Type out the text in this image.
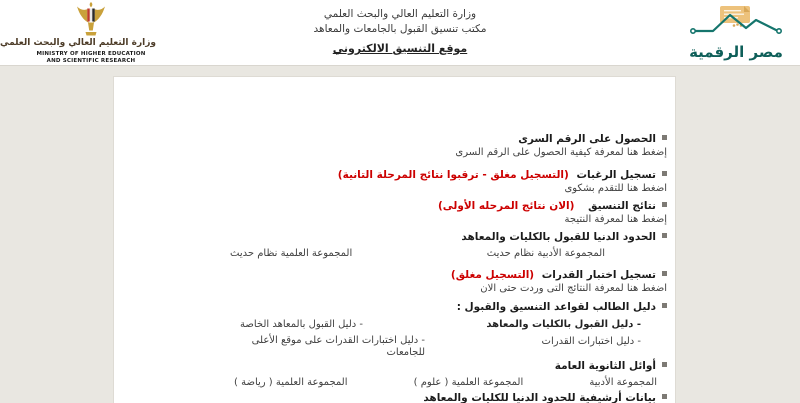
وزارة التعليم العالي والبحث العلمي
MINISTRY OF HIGHER EDUCATION
AND SCIENTIFIC RESEARCH
وزارة التعليم العالي والبحث العلمي
مكتب تنسيق القبول بالجامعات والمعاهد
موقع التنسيق الالكتروني	مصر الرقمية
الحصول على الرقم السرى
إضغط هنا لمعرفة كيفية الحصول على الرقم السرى
تسجيل الرغبات (التسجيل مغلق - ترقبوا نتائج المرحلة التانية)
اضغط هنا للتقدم بشكوى
نتائج التنسيق (الان نتائج المرحله الأولى)
إضغط هنا لمعرفة النتيجة
الحدود الدنيا للقبول بالكليات والمعاهد
المجموعة الأدبية نظام حديث
المجموعة العلمية نظام حديث
تسجيل اختبار القدرات (التسجيل مغلق)
اضغط هنا لمعرفة النتائج التى وردت حتى الان
دليل الطالب لقواعد التنسيق والقبول :
- دليل القبول بالكليات والمعاهد
- دليل القبول بالمعاهد الخاصة
- دليل اختبارات القدرات
- دليل اختبارات القدرات على موقع الأعلى للجامعات
أوائل الثانوية العامة
المجموعة الأدبية
المجموعة العلمية ( علوم )
المجموعة العلمية ( رياضة )
بيانات أرشيفية للحدود الدنيا للكليات والمعاهد
